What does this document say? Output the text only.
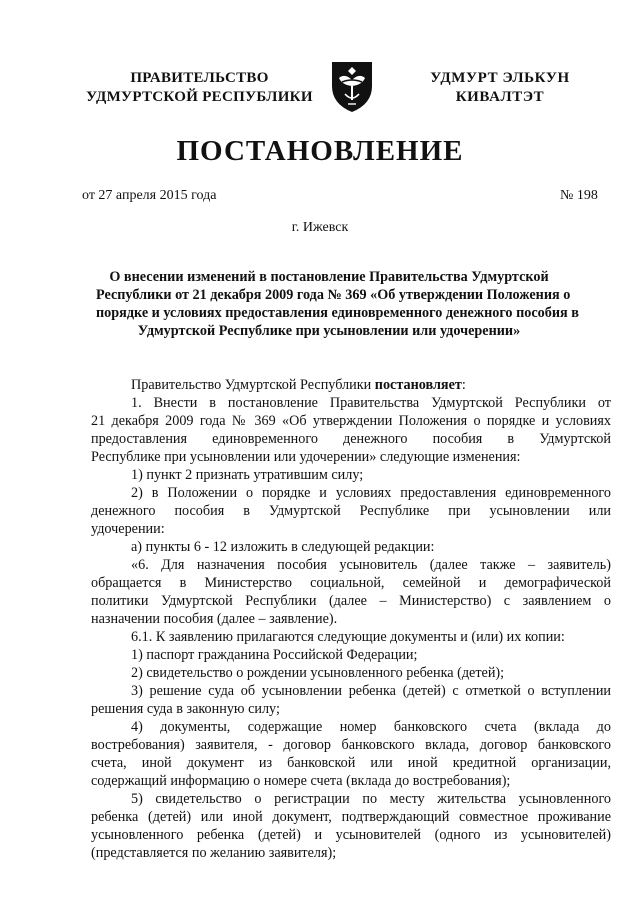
ПРАВИТЕЛЬСТВО
УДМУРТСКОЙ РЕСПУБЛИКИ
УДМУРТ ЭЛЬКУН
КИВАЛТЭТ
ПОСТАНОВЛЕНИЕ
от 27 апреля 2015 года	№ 198
г. Ижевск
О внесении изменений в постановление Правительства Удмуртской
Республики от 21 декабря 2009 года № 369 «Об утверждении Положения о
порядке и условиях предоставления единовременного денежного пособия в
Удмуртской Республике при усыновлении или удочерении»

Правительство Удмуртской Республики постановляет:

1. Внести в постановление Правительства Удмуртской Республики от
21 декабря 2009 года № 369 «Об утверждении Положения о порядке и условиях
предоставления единовременного денежного пособия в Удмуртской
Республике при усыновлении или удочерении» следующие изменения:

1) пункт 2 признать утратившим силу;

2) в Положении о порядке и условиях предоставления единовременного
денежного пособия в Удмуртской Республике при усыновлении или
удочерении:

а) пункты 6 - 12 изложить в следующей редакции:

«6. Для назначения пособия усыновитель (далее также – заявитель)
обращается в Министерство социальной, семейной и демографической
политики Удмуртской Республики (далее – Министерство) с заявлением о
назначении пособия (далее – заявление).

6.1. К заявлению прилагаются следующие документы и (или) их копии:

1) паспорт гражданина Российской Федерации;

2) свидетельство о рождении усыновленного ребенка (детей);

3) решение суда об усыновлении ребенка (детей) с отметкой о вступлении
решения суда в законную силу;

4) документы, содержащие номер банковского счета (вклада до
востребования) заявителя, - договор банковского вклада, договор банковского
счета, иной документ из банковской или иной кредитной организации,
содержащий информацию о номере счета (вклада до востребования);

5) свидетельство о регистрации по месту жительства усыновленного
ребенка (детей) или иной документ, подтверждающий совместное проживание
усыновленного ребенка (детей) и усыновителей (одного из усыновителей)
(представляется по желанию заявителя);
